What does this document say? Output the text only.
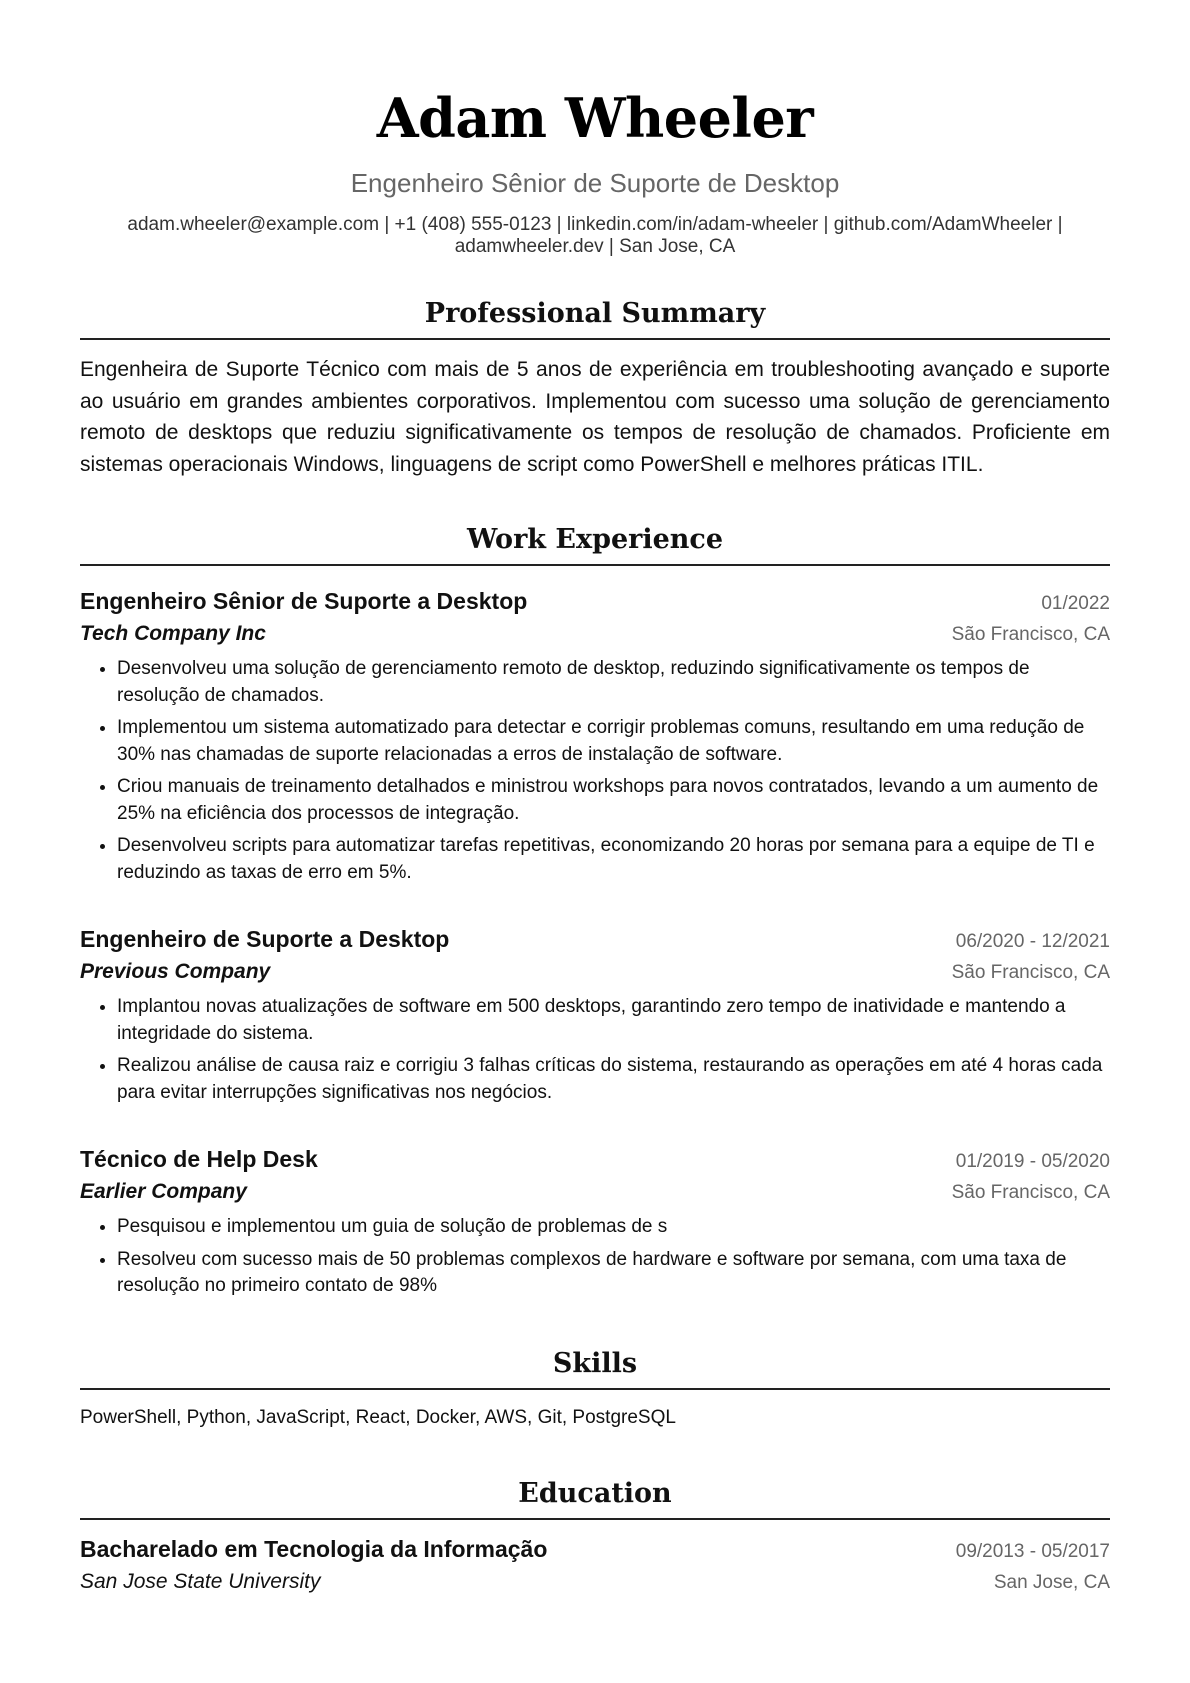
Adam Wheeler
Engenheiro Sênior de Suporte de Desktop
adam.wheeler@example.com | +1 (408) 555-0123 | linkedin.com/in/adam-wheeler | github.com/AdamWheeler |
adamwheeler.dev | San Jose, CA
Professional Summary
Engenheira de Suporte Técnico com mais de 5 anos de experiência em troubleshooting avançado e suporte ao usuário em grandes ambientes corporativos. Implementou com sucesso uma solução de gerenciamento remoto de desktops que reduziu significativamente os tempos de resolução de chamados. Proficiente em sistemas operacionais Windows, linguagens de script como PowerShell e melhores práticas ITIL.
Work Experience
Engenheiro Sênior de Suporte a Desktop	01/2022
Tech Company Inc	São Francisco, CA
• Desenvolveu uma solução de gerenciamento remoto de desktop, reduzindo significativamente os tempos de resolução de chamados.
• Implementou um sistema automatizado para detectar e corrigir problemas comuns, resultando em uma redução de 30% nas chamadas de suporte relacionadas a erros de instalação de software.
• Criou manuais de treinamento detalhados e ministrou workshops para novos contratados, levando a um aumento de 25% na eficiência dos processos de integração.
• Desenvolveu scripts para automatizar tarefas repetitivas, economizando 20 horas por semana para a equipe de TI e reduzindo as taxas de erro em 5%.
Engenheiro de Suporte a Desktop	06/2020 - 12/2021
Previous Company	São Francisco, CA
• Implantou novas atualizações de software em 500 desktops, garantindo zero tempo de inatividade e mantendo a integridade do sistema.
• Realizou análise de causa raiz e corrigiu 3 falhas críticas do sistema, restaurando as operações em até 4 horas cada para evitar interrupções significativas nos negócios.
Técnico de Help Desk	01/2019 - 05/2020
Earlier Company	São Francisco, CA
• Pesquisou e implementou um guia de solução de problemas de s
• Resolveu com sucesso mais de 50 problemas complexos de hardware e software por semana, com uma taxa de resolução no primeiro contato de 98%
Skills
PowerShell, Python, JavaScript, React, Docker, AWS, Git, PostgreSQL
Education
Bacharelado em Tecnologia da Informação	09/2013 - 05/2017
San Jose State University	San Jose, CA
